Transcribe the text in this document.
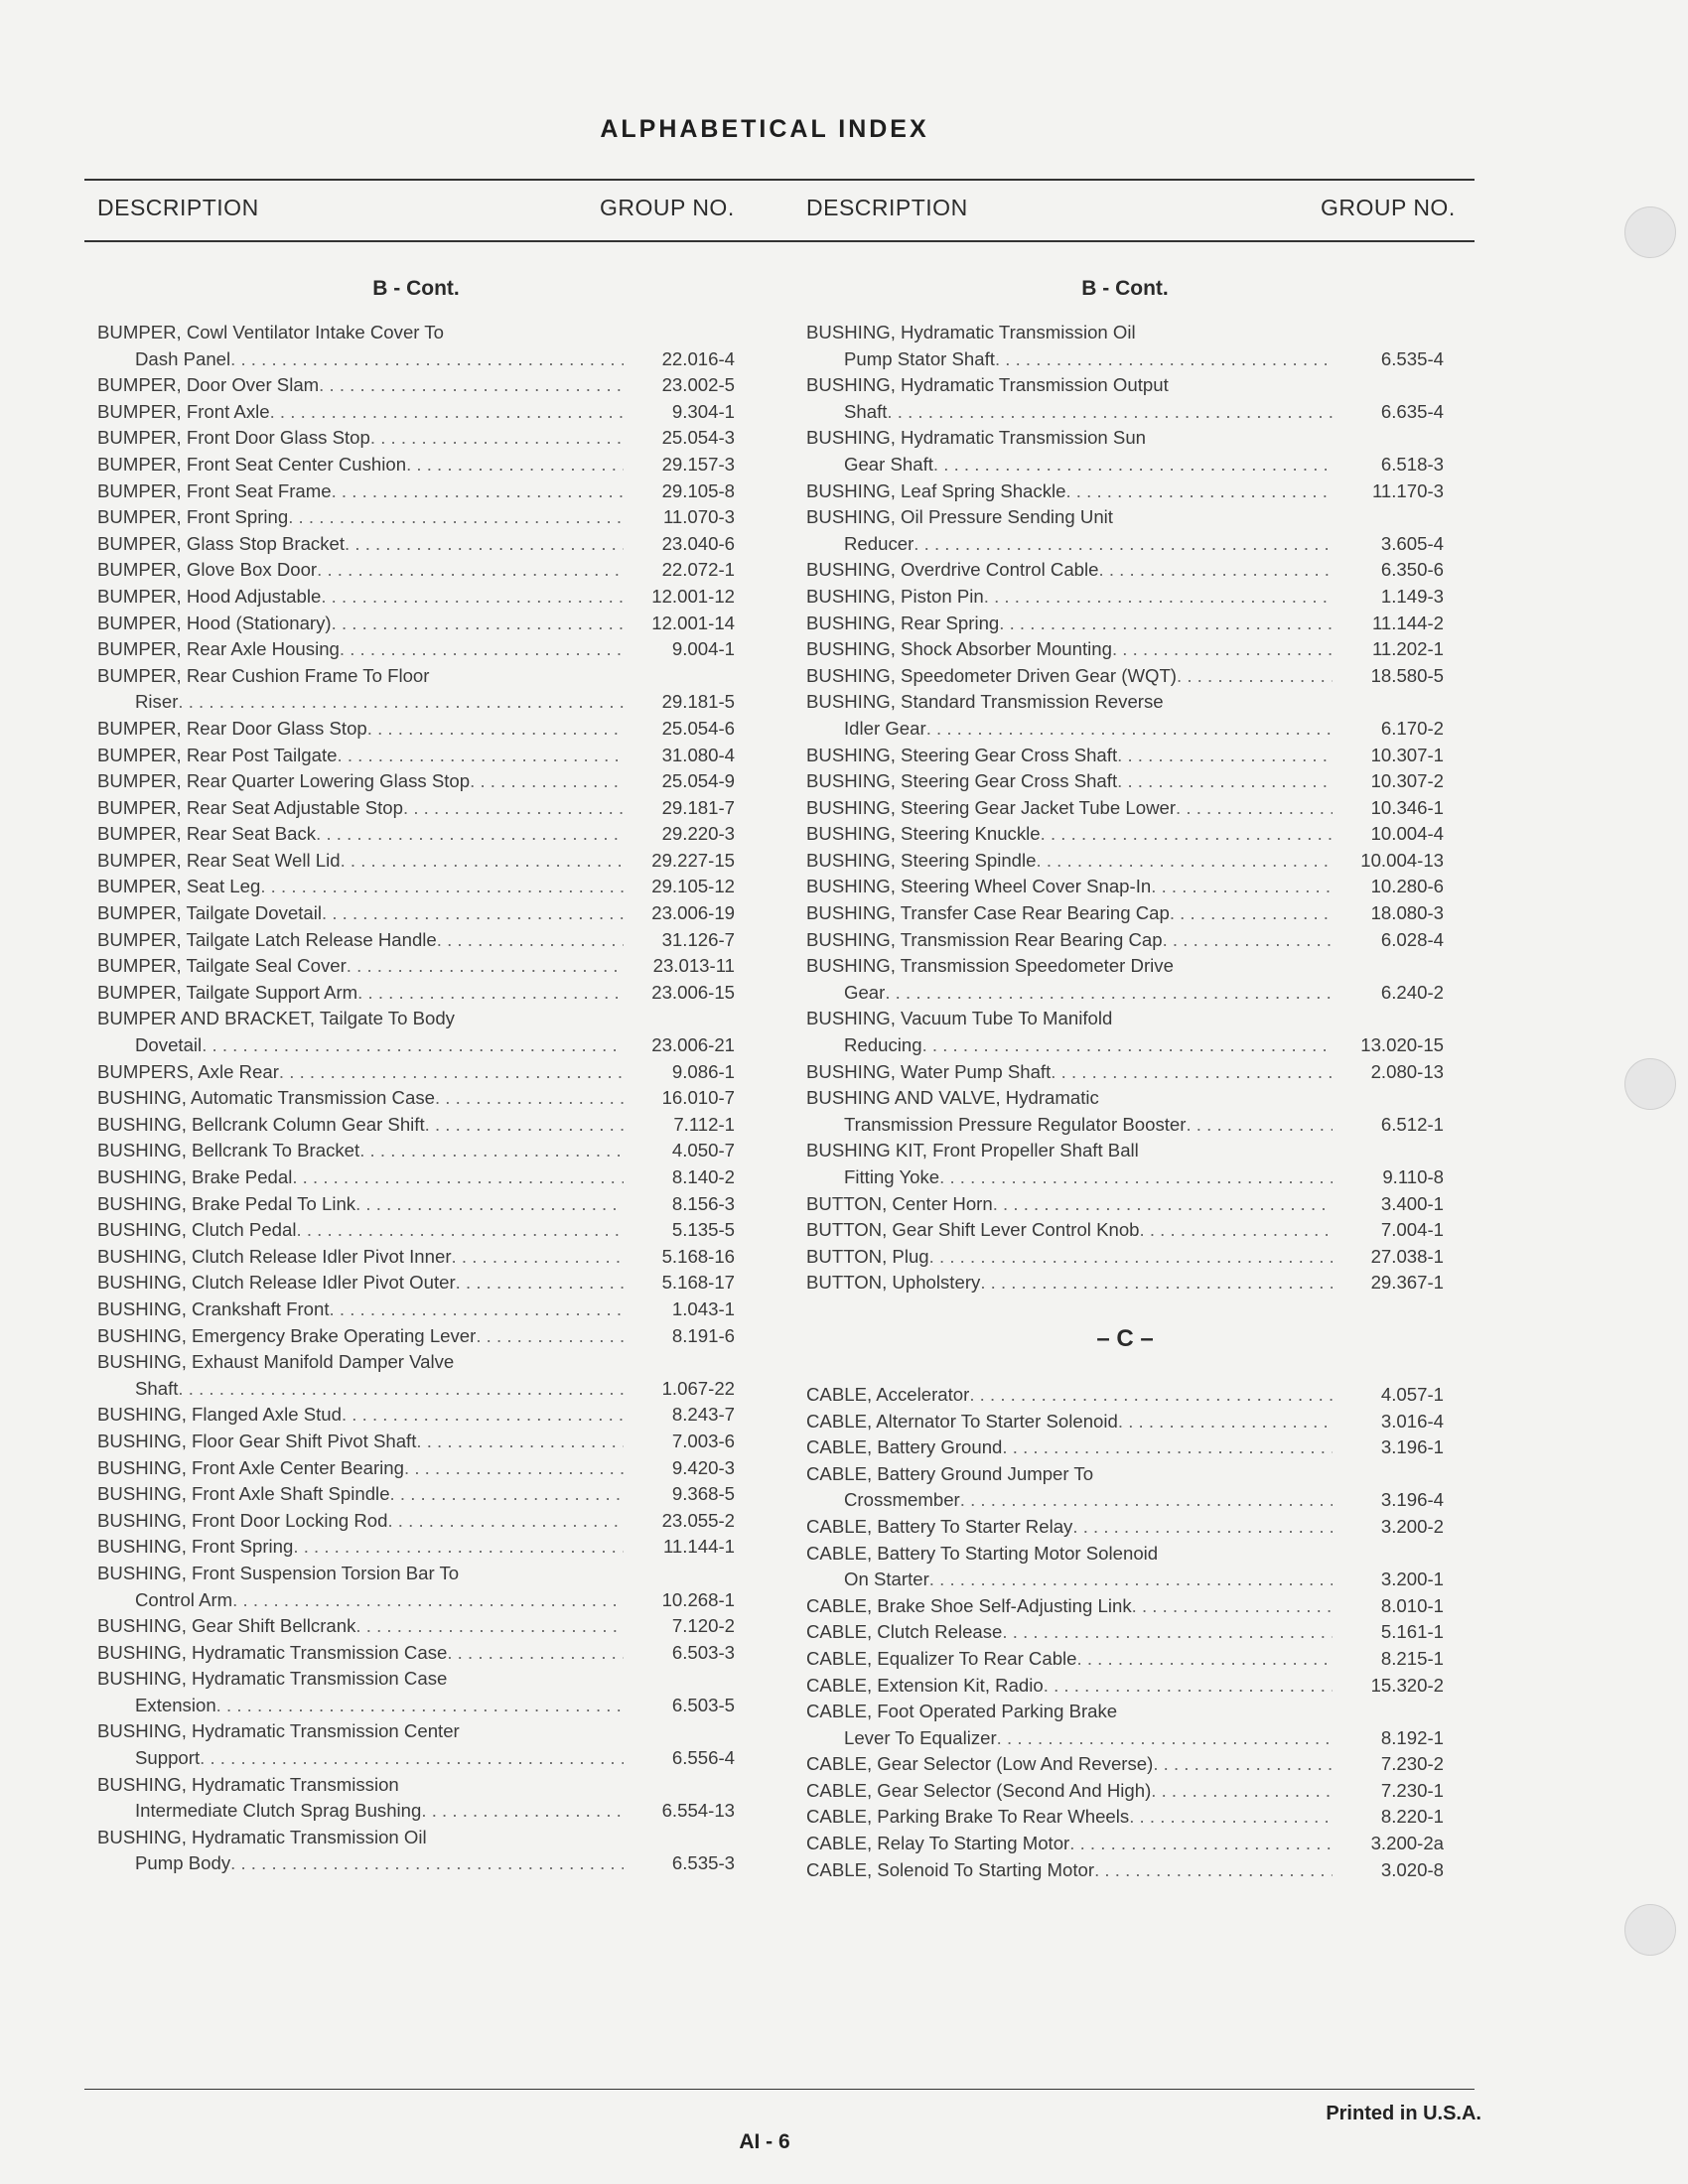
ALPHABETICAL INDEX
DESCRIPTION	GROUP NO.	DESCRIPTION	GROUP NO.
B - Cont.
BUMPER, Cowl Ventilator Intake Cover To
Dash Panel . . .	22.016-4
BUMPER, Door Over Slam . . .	23.002-5
BUMPER, Front Axle . . .	9.304-1
BUMPER, Front Door Glass Stop . . .	25.054-3
BUMPER, Front Seat Center Cushion . . .	29.157-3
BUMPER, Front Seat Frame . . .	29.105-8
BUMPER, Front Spring . . .	11.070-3
BUMPER, Glass Stop Bracket . . .	23.040-6
BUMPER, Glove Box Door . . .	22.072-1
BUMPER, Hood Adjustable . . .	12.001-12
BUMPER, Hood (Stationary) . . .	12.001-14
BUMPER, Rear Axle Housing . . .	9.004-1
BUMPER, Rear Cushion Frame To Floor
Riser . . .	29.181-5
BUMPER, Rear Door Glass Stop . . .	25.054-6
BUMPER, Rear Post Tailgate . . .	31.080-4
BUMPER, Rear Quarter Lowering Glass Stop . . .	25.054-9
BUMPER, Rear Seat Adjustable Stop . . .	29.181-7
BUMPER, Rear Seat Back . . .	29.220-3
BUMPER, Rear Seat Well Lid . . .	29.227-15
BUMPER, Seat Leg . . .	29.105-12
BUMPER, Tailgate Dovetail . . .	23.006-19
BUMPER, Tailgate Latch Release Handle . . .	31.126-7
BUMPER, Tailgate Seal Cover . . .	23.013-11
BUMPER, Tailgate Support Arm . . .	23.006-15
BUMPER AND BRACKET, Tailgate To Body
Dovetail . . .	23.006-21
BUMPERS, Axle Rear . . .	9.086-1
BUSHING, Automatic Transmission Case . . .	16.010-7
BUSHING, Bellcrank Column Gear Shift . . .	7.112-1
BUSHING, Bellcrank To Bracket . . .	4.050-7
BUSHING, Brake Pedal . . .	8.140-2
BUSHING, Brake Pedal To Link . . .	8.156-3
BUSHING, Clutch Pedal . . .	5.135-5
BUSHING, Clutch Release Idler Pivot Inner . . .	5.168-16
BUSHING, Clutch Release Idler Pivot Outer . . .	5.168-17
BUSHING, Crankshaft Front . . .	1.043-1
BUSHING, Emergency Brake Operating Lever . . .	8.191-6
BUSHING, Exhaust Manifold Damper Valve
Shaft . . .	1.067-22
BUSHING, Flanged Axle Stud . . .	8.243-7
BUSHING, Floor Gear Shift Pivot Shaft . . .	7.003-6
BUSHING, Front Axle Center Bearing . . .	9.420-3
BUSHING, Front Axle Shaft Spindle . . .	9.368-5
BUSHING, Front Door Locking Rod . . .	23.055-2
BUSHING, Front Spring . . .	11.144-1
BUSHING, Front Suspension Torsion Bar To
Control Arm . . .	10.268-1
BUSHING, Gear Shift Bellcrank . . .	7.120-2
BUSHING, Hydramatic Transmission Case . . .	6.503-3
BUSHING, Hydramatic Transmission Case
Extension . . .	6.503-5
BUSHING, Hydramatic Transmission Center
Support . . .	6.556-4
BUSHING, Hydramatic Transmission
Intermediate Clutch Sprag Bushing . . .	6.554-13
BUSHING, Hydramatic Transmission Oil
Pump Body . . .	6.535-3
B - Cont.
BUSHING, Hydramatic Transmission Oil
Pump Stator Shaft . . .	6.535-4
BUSHING, Hydramatic Transmission Output
Shaft . . .	6.635-4
BUSHING, Hydramatic Transmission Sun
Gear Shaft . . .	6.518-3
BUSHING, Leaf Spring Shackle . . .	11.170-3
BUSHING, Oil Pressure Sending Unit
Reducer . . .	3.605-4
BUSHING, Overdrive Control Cable . . .	6.350-6
BUSHING, Piston Pin . . .	1.149-3
BUSHING, Rear Spring . . .	11.144-2
BUSHING, Shock Absorber Mounting . . .	11.202-1
BUSHING, Speedometer Driven Gear (WQT) . . .	18.580-5
BUSHING, Standard Transmission Reverse
Idler Gear . . .	6.170-2
BUSHING, Steering Gear Cross Shaft . . .	10.307-1
BUSHING, Steering Gear Cross Shaft . . .	10.307-2
BUSHING, Steering Gear Jacket Tube Lower . . .	10.346-1
BUSHING, Steering Knuckle . . .	10.004-4
BUSHING, Steering Spindle . . .	10.004-13
BUSHING, Steering Wheel Cover Snap-In . . .	10.280-6
BUSHING, Transfer Case Rear Bearing Cap . . .	18.080-3
BUSHING, Transmission Rear Bearing Cap . . .	6.028-4
BUSHING, Transmission Speedometer Drive
Gear . . .	6.240-2
BUSHING, Vacuum Tube To Manifold
Reducing . . .	13.020-15
BUSHING, Water Pump Shaft . . .	2.080-13
BUSHING AND VALVE, Hydramatic
Transmission Pressure Regulator Booster . . .	6.512-1
BUSHING KIT, Front Propeller Shaft Ball
Fitting Yoke . . .	9.110-8
BUTTON, Center Horn . . .	3.400-1
BUTTON, Gear Shift Lever Control Knob . . .	7.004-1
BUTTON, Plug . . .	27.038-1
BUTTON, Upholstery . . .	29.367-1
– C –
CABLE, Accelerator . . .	4.057-1
CABLE, Alternator To Starter Solenoid . . .	3.016-4
CABLE, Battery Ground . . .	3.196-1
CABLE, Battery Ground Jumper To
Crossmember . . .	3.196-4
CABLE, Battery To Starter Relay . . .	3.200-2
CABLE, Battery To Starting Motor Solenoid
On Starter . . .	3.200-1
CABLE, Brake Shoe Self-Adjusting Link . . .	8.010-1
CABLE, Clutch Release . . .	5.161-1
CABLE, Equalizer To Rear Cable . . .	8.215-1
CABLE, Extension Kit, Radio . . .	15.320-2
CABLE, Foot Operated Parking Brake
Lever To Equalizer . . .	8.192-1
CABLE, Gear Selector (Low And Reverse) . . .	7.230-2
CABLE, Gear Selector (Second And High) . . .	7.230-1
CABLE, Parking Brake To Rear Wheels . . .	8.220-1
CABLE, Relay To Starting Motor . . .	3.200-2a
CABLE, Solenoid To Starting Motor . . .	3.020-8
Printed in U.S.A.
AI - 6
